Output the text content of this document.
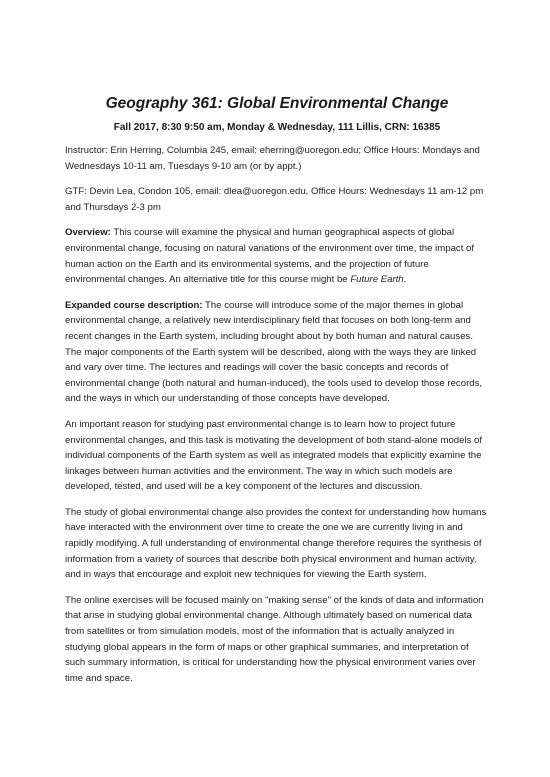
Geography 361: Global Environmental Change
Fall 2017, 8:30 9:50 am, Monday & Wednesday, 111 Lillis, CRN: 16385

Instructor: Erin Herring, Columbia 245, email: eherring@uoregon.edu; Office Hours: Mondays and Wednesdays 10-11 am, Tuesdays 9-10 am (or by appt.)

GTF: Devin Lea, Condon 105, email: dlea@uoregon.edu, Office Hours: Wednesdays 11 am-12 pm and Thursdays 2-3 pm

Overview: This course will examine the physical and human geographical aspects of global environmental change, focusing on natural variations of the environment over time, the impact of human action on the Earth and its environmental systems, and the projection of future environmental changes. An alternative title for this course might be Future Earth.

Expanded course description: The course will introduce some of the major themes in global environmental change, a relatively new interdisciplinary field that focuses on both long-term and recent changes in the Earth system, including brought about by both human and natural causes. The major components of the Earth system will be described, along with the ways they are linked and vary over time. The lectures and readings will cover the basic concepts and records of environmental change (both natural and human-induced), the tools used to develop those records, and the ways in which our understanding of those concepts have developed.

An important reason for studying past environmental change is to learn how to project future environmental changes, and this task is motivating the development of both stand-alone models of individual components of the Earth system as well as integrated models that explicitly examine the linkages between human activities and the environment. The way in which such models are developed, tested, and used will be a key component of the lectures and discussion.

The study of global environmental change also provides the context for understanding how humans have interacted with the environment over time to create the one we are currently living in and rapidly modifying. A full understanding of environmental change therefore requires the synthesis of information from a variety of sources that describe both physical environment and human activity, and in ways that encourage and exploit new techniques for viewing the Earth system.

The online exercises will be focused mainly on "making sense" of the kinds of data and information that arise in studying global environmental change. Although ultimately based on numerical data from satellites or from simulation models, most of the information that is actually analyzed in studying global appears in the form of maps or other graphical summaries, and interpretation of such summary information, is critical for understanding how the physical environment varies over time and space.
